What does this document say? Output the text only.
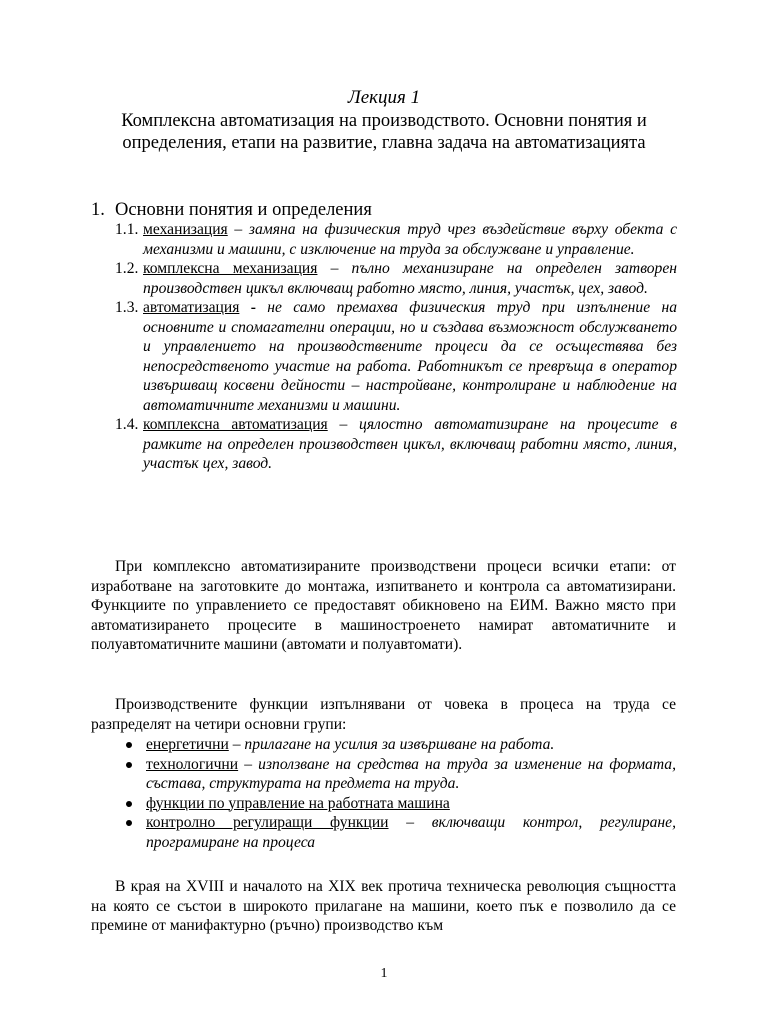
Лекция 1
Комплексна автоматизация на производството. Основни понятия и определения, етапи на развитие, главна задача на автоматизацията
1. Основни понятия и определения
1.1. механизация – замяна на физическия труд чрез въздействие върху обекта с механизми и машини, с изключение на труда за обслужване и управление.
1.2. комплексна механизация – пълно механизиране на определен затворен производствен цикъл включващ работно място, линия, участък, цех, завод.
1.3. автоматизация - не само премахва физическия труд при изпълнение на основните и спомагателни операции, но и създава възможност обслужването и управлението на производствените процеси да се осъществява без непосредственото участие на работа. Работникът се превръща в оператор извършващ косвени дейности – настройване, контролиране и наблюдение на автоматичните механизми и машини.
1.4. комплексна автоматизация – цялостно автоматизиране на процесите в рамките на определен производствен цикъл, включващ работни място, линия, участък цех, завод.

При комплексно автоматизираните производствени процеси всички етапи: от изработване на заготовките до монтажа, изпитването и контрола са автоматизирани. Функциите по управлението се предоставят обикновено на ЕИМ. Важно място при автоматизирането процесите в машиностроенето намират автоматичните и полуавтоматичните машини (автомати и полуавтомати).

Производствените функции изпълнявани от човека в процеса на труда се разпределят на четири основни групи:

енергетични – прилагане на усилия за извършване на работа.
технологични – използване на средства на труда за изменение на формата, състава, структурата на предмета на труда.
функции по управление на работната машина
контролно регулиращи функции – включващи контрол, регулиране, програмиране на процеса

В края на XVIII и началото на XIX век протича техническа революция същността на която се състои в широкото прилагане на машини, което пък е позволило да се премине от манифактурно (ръчно) производство към

1
